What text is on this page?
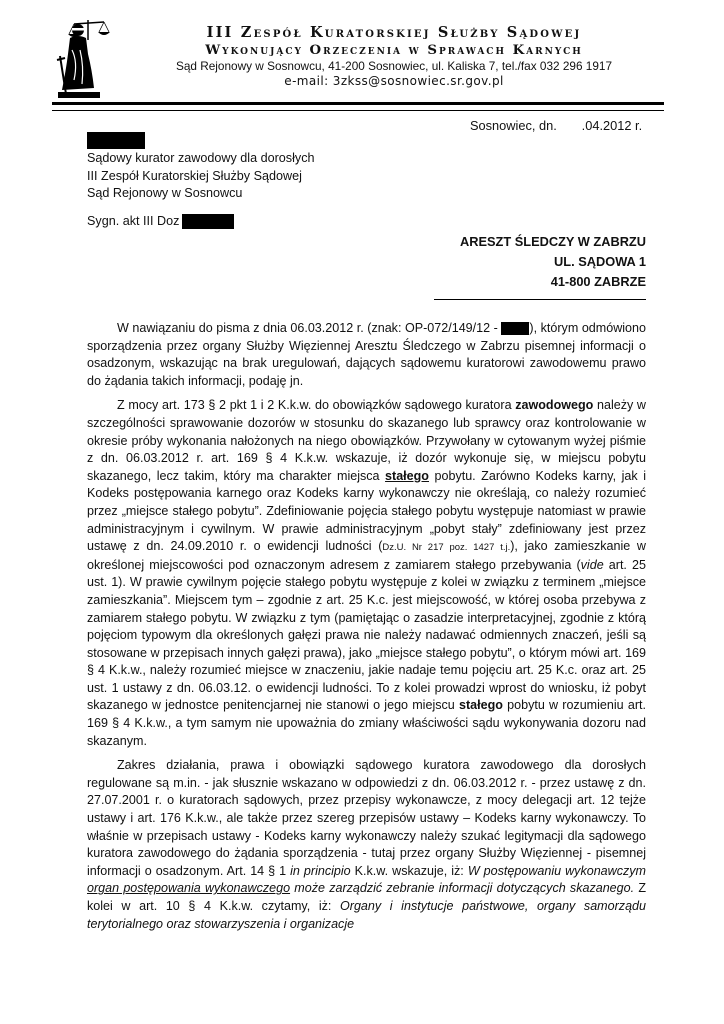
III Zespół Kuratorskiej Służby Sądowej
Wykonujący Orzeczenia w Sprawach Karnych
Sąd Rejonowy w Sosnowcu, 41-200 Sosnowiec, ul. Kaliska 7, tel./fax 032 296 1917
e-mail: 3zkss@sosnowiec.sr.gov.pl
Sosnowiec, dn.       .04.2012 r.
Sądowy kurator zawodowy dla dorosłych
III Zespół Kuratorskiej Służby Sądowej
Sąd Rejonowy w Sosnowcu
Sygn. akt III Doz
ARESZT ŚLEDCZY W ZABRZU
UL. SĄDOWA 1
41-800 ZABRZE

W nawiązaniu do pisma z dnia 06.03.2012 r. (znak: OP-072/149/12 - ), którym odmówiono sporządzenia przez organy Służby Więziennej Aresztu Śledczego w Zabrzu pisemnej informacji o osadzonym, wskazując na brak uregulowań, dających sądowemu kuratorowi zawodowemu prawo do żądania takich informacji, podaję jn.

Z mocy art. 173 § 2 pkt 1 i 2 K.k.w. do obowiązków sądowego kuratora zawodowego należy w szczególności sprawowanie dozorów w stosunku do skazanego lub sprawcy oraz kontrolowanie w okresie próby wykonania nałożonych na niego obowiązków. Przywołany w cytowanym wyżej piśmie z dn. 06.03.2012 r. art. 169 § 4 K.k.w. wskazuje, iż dozór wykonuje się, w miejscu pobytu skazanego, lecz takim, który ma charakter miejsca stałego pobytu. Zarówno Kodeks karny, jak i Kodeks postępowania karnego oraz Kodeks karny wykonawczy nie określają, co należy rozumieć przez „miejsce stałego pobytu”. Zdefiniowanie pojęcia stałego pobytu występuje natomiast w prawie administracyjnym i cywilnym. W prawie administracyjnym „pobyt stały” zdefiniowany jest przez ustawę z dn. 24.09.2010 r. o ewidencji ludności (Dz.U. Nr 217 poz. 1427 t.j.), jako zamieszkanie w określonej miejscowości pod oznaczonym adresem z zamiarem stałego przebywania (vide art. 25 ust. 1). W prawie cywilnym pojęcie stałego pobytu występuje z kolei w związku z terminem „miejsce zamieszkania”. Miejscem tym – zgodnie z art. 25 K.c. jest miejscowość, w której osoba przebywa z zamiarem stałego pobytu. W związku z tym (pamiętając o zasadzie interpretacyjnej, zgodnie z którą pojęciom typowym dla określonych gałęzi prawa nie należy nadawać odmiennych znaczeń, jeśli są stosowane w przepisach innych gałęzi prawa), jako „miejsce stałego pobytu”, o którym mówi art. 169 § 4 K.k.w., należy rozumieć miejsce w znaczeniu, jakie nadaje temu pojęciu art. 25 K.c. oraz art. 25 ust. 1 ustawy z dn. 06.03.12. o ewidencji ludności. To z kolei prowadzi wprost do wniosku, iż pobyt skazanego w jednostce penitencjarnej nie stanowi o jego miejscu stałego pobytu w rozumieniu art. 169 § 4 K.k.w., a tym samym nie upoważnia do zmiany właściwości sądu wykonywania dozoru nad skazanym.

Zakres działania, prawa i obowiązki sądowego kuratora zawodowego dla dorosłych regulowane są m.in. - jak słusznie wskazano w odpowiedzi z dn. 06.03.2012 r. - przez ustawę z dn. 27.07.2001 r. o kuratorach sądowych, przez przepisy wykonawcze, z mocy delegacji art. 12 tejże ustawy i art. 176 K.k.w., ale także przez szereg przepisów ustawy – Kodeks karny wykonawczy. To właśnie w przepisach ustawy - Kodeks karny wykonawczy należy szukać legitymacji dla sądowego kuratora zawodowego do żądania sporządzenia - tutaj przez organy Służby Więziennej - pisemnej informacji o osadzonym. Art. 14 § 1 in principio K.k.w. wskazuje, iż: W postępowaniu wykonawczym organ postępowania wykonawczego może zarządzić zebranie informacji dotyczących skazanego. Z kolei w art. 10 § 4 K.k.w. czytamy, iż: Organy i instytucje państwowe, organy samorządu terytorialnego oraz stowarzyszenia i organizacje
